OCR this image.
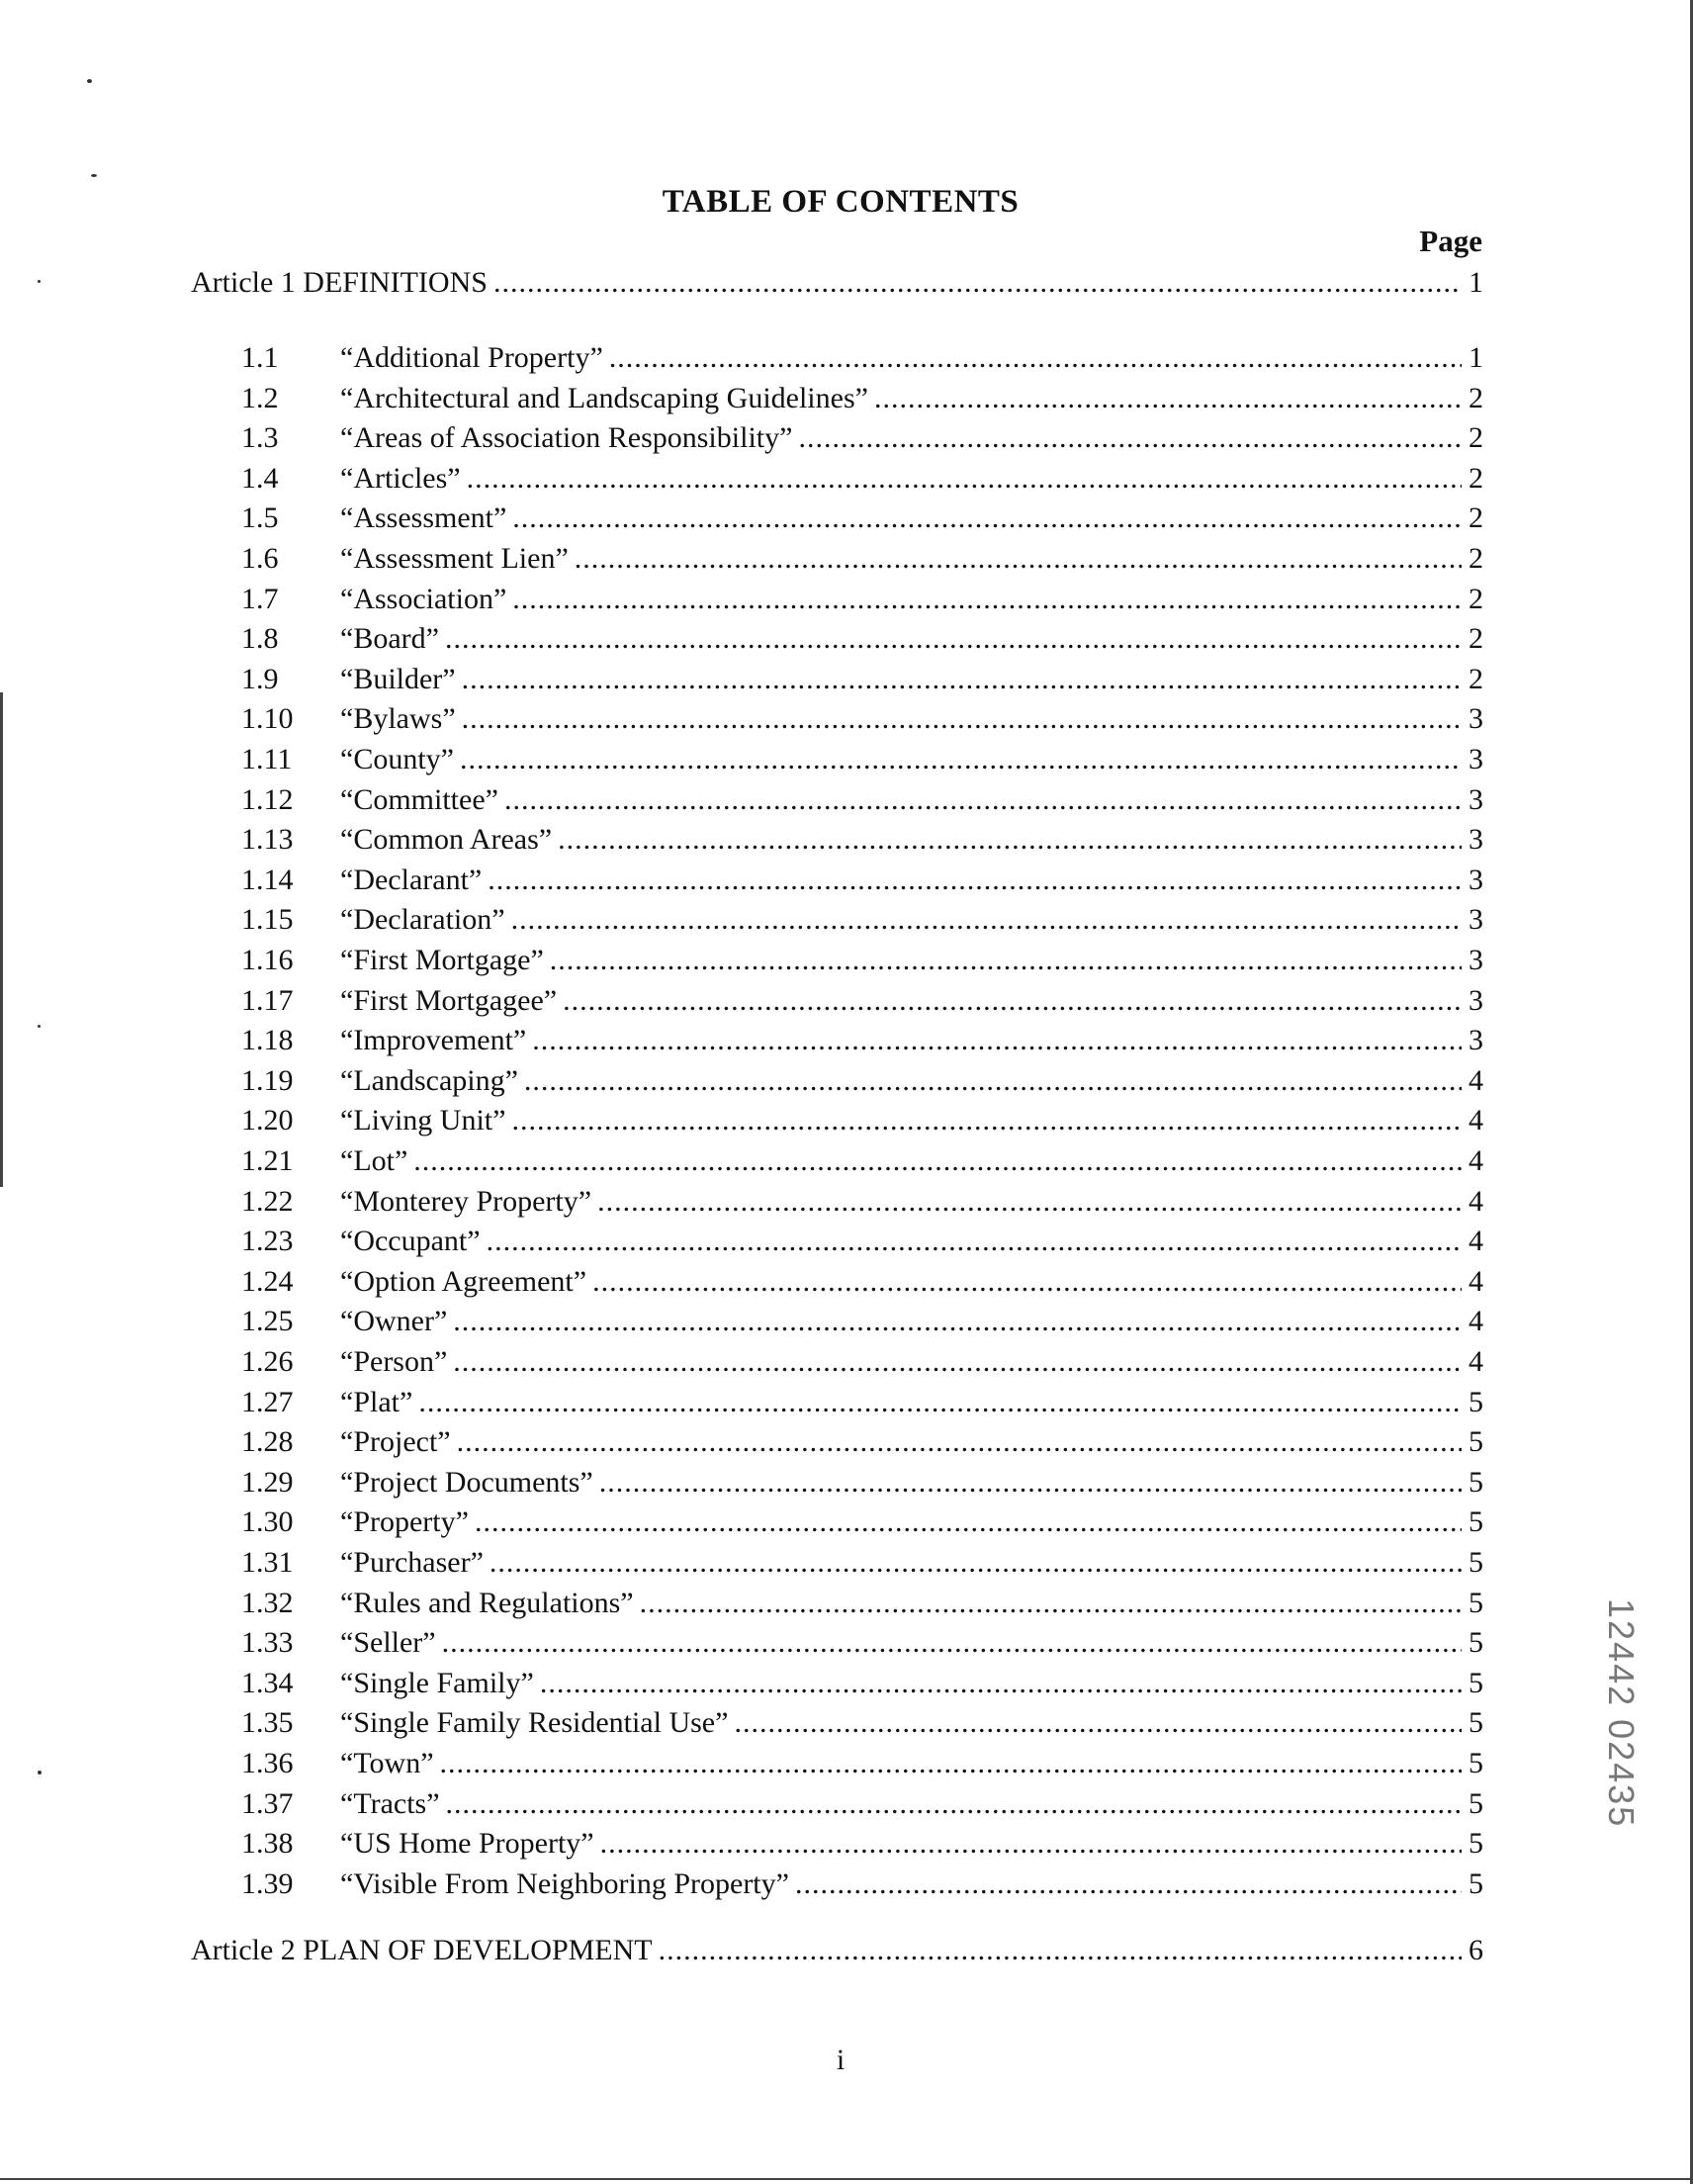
TABLE OF CONTENTS
Page
Article 1 DEFINITIONS .....	1
1.1	“Additional Property” .....	1
1.2	“Architectural and Landscaping Guidelines” .....	2
1.3	“Areas of Association Responsibility” .....	2
1.4	“Articles” .....	2
1.5	“Assessment” .....	2
1.6	“Assessment Lien” .....	2
1.7	“Association” .....	2
1.8	“Board” .....	2
1.9	“Builder” .....	2
1.10	“Bylaws” .....	3
1.11	“County” .....	3
1.12	“Committee” .....	3
1.13	“Common Areas” .....	3
1.14	“Declarant” .....	3
1.15	“Declaration” .....	3
1.16	“First Mortgage” .....	3
1.17	“First Mortgagee” .....	3
1.18	“Improvement” .....	3
1.19	“Landscaping” .....	4
1.20	“Living Unit” .....	4
1.21	“Lot” .....	4
1.22	“Monterey Property” .....	4
1.23	“Occupant” .....	4
1.24	“Option Agreement” .....	4
1.25	“Owner” .....	4
1.26	“Person” .....	4
1.27	“Plat” .....	5
1.28	“Project” .....	5
1.29	“Project Documents” .....	5
1.30	“Property” .....	5
1.31	“Purchaser” .....	5
1.32	“Rules and Regulations” .....	5
1.33	“Seller” .....	5
1.34	“Single Family” .....	5
1.35	“Single Family Residential Use” .....	5
1.36	“Town” .....	5
1.37	“Tracts” .....	5
1.38	“US Home Property” .....	5
1.39	“Visible From Neighboring Property” .....	5
Article 2 PLAN OF DEVELOPMENT .....	6
i
12442 02435
